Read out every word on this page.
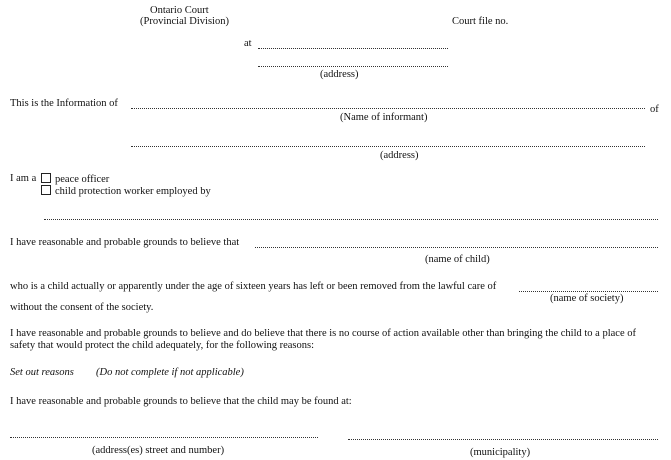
Ontario Court
(Provincial Division)	Court file no.
at
(address)
This is the Information of
of
(Name of informant)
(address)
I am a	peace officer
child protection worker employed by
I have reasonable and probable grounds to believe that
(name of child)
who is a child actually or apparently under the age of sixteen years has left or been removed from the lawful care of
(name of society)
without the consent of the society.
I have reasonable and probable grounds to believe and do believe that there is no course of action available other than bringing the child to a place of
safety that would protect the child adequately, for the following reasons:
Set out reasons (Do not complete if not applicable)
I have reasonable and probable grounds to believe that the child may be found at:
(address(es) street and number)	(municipality)
